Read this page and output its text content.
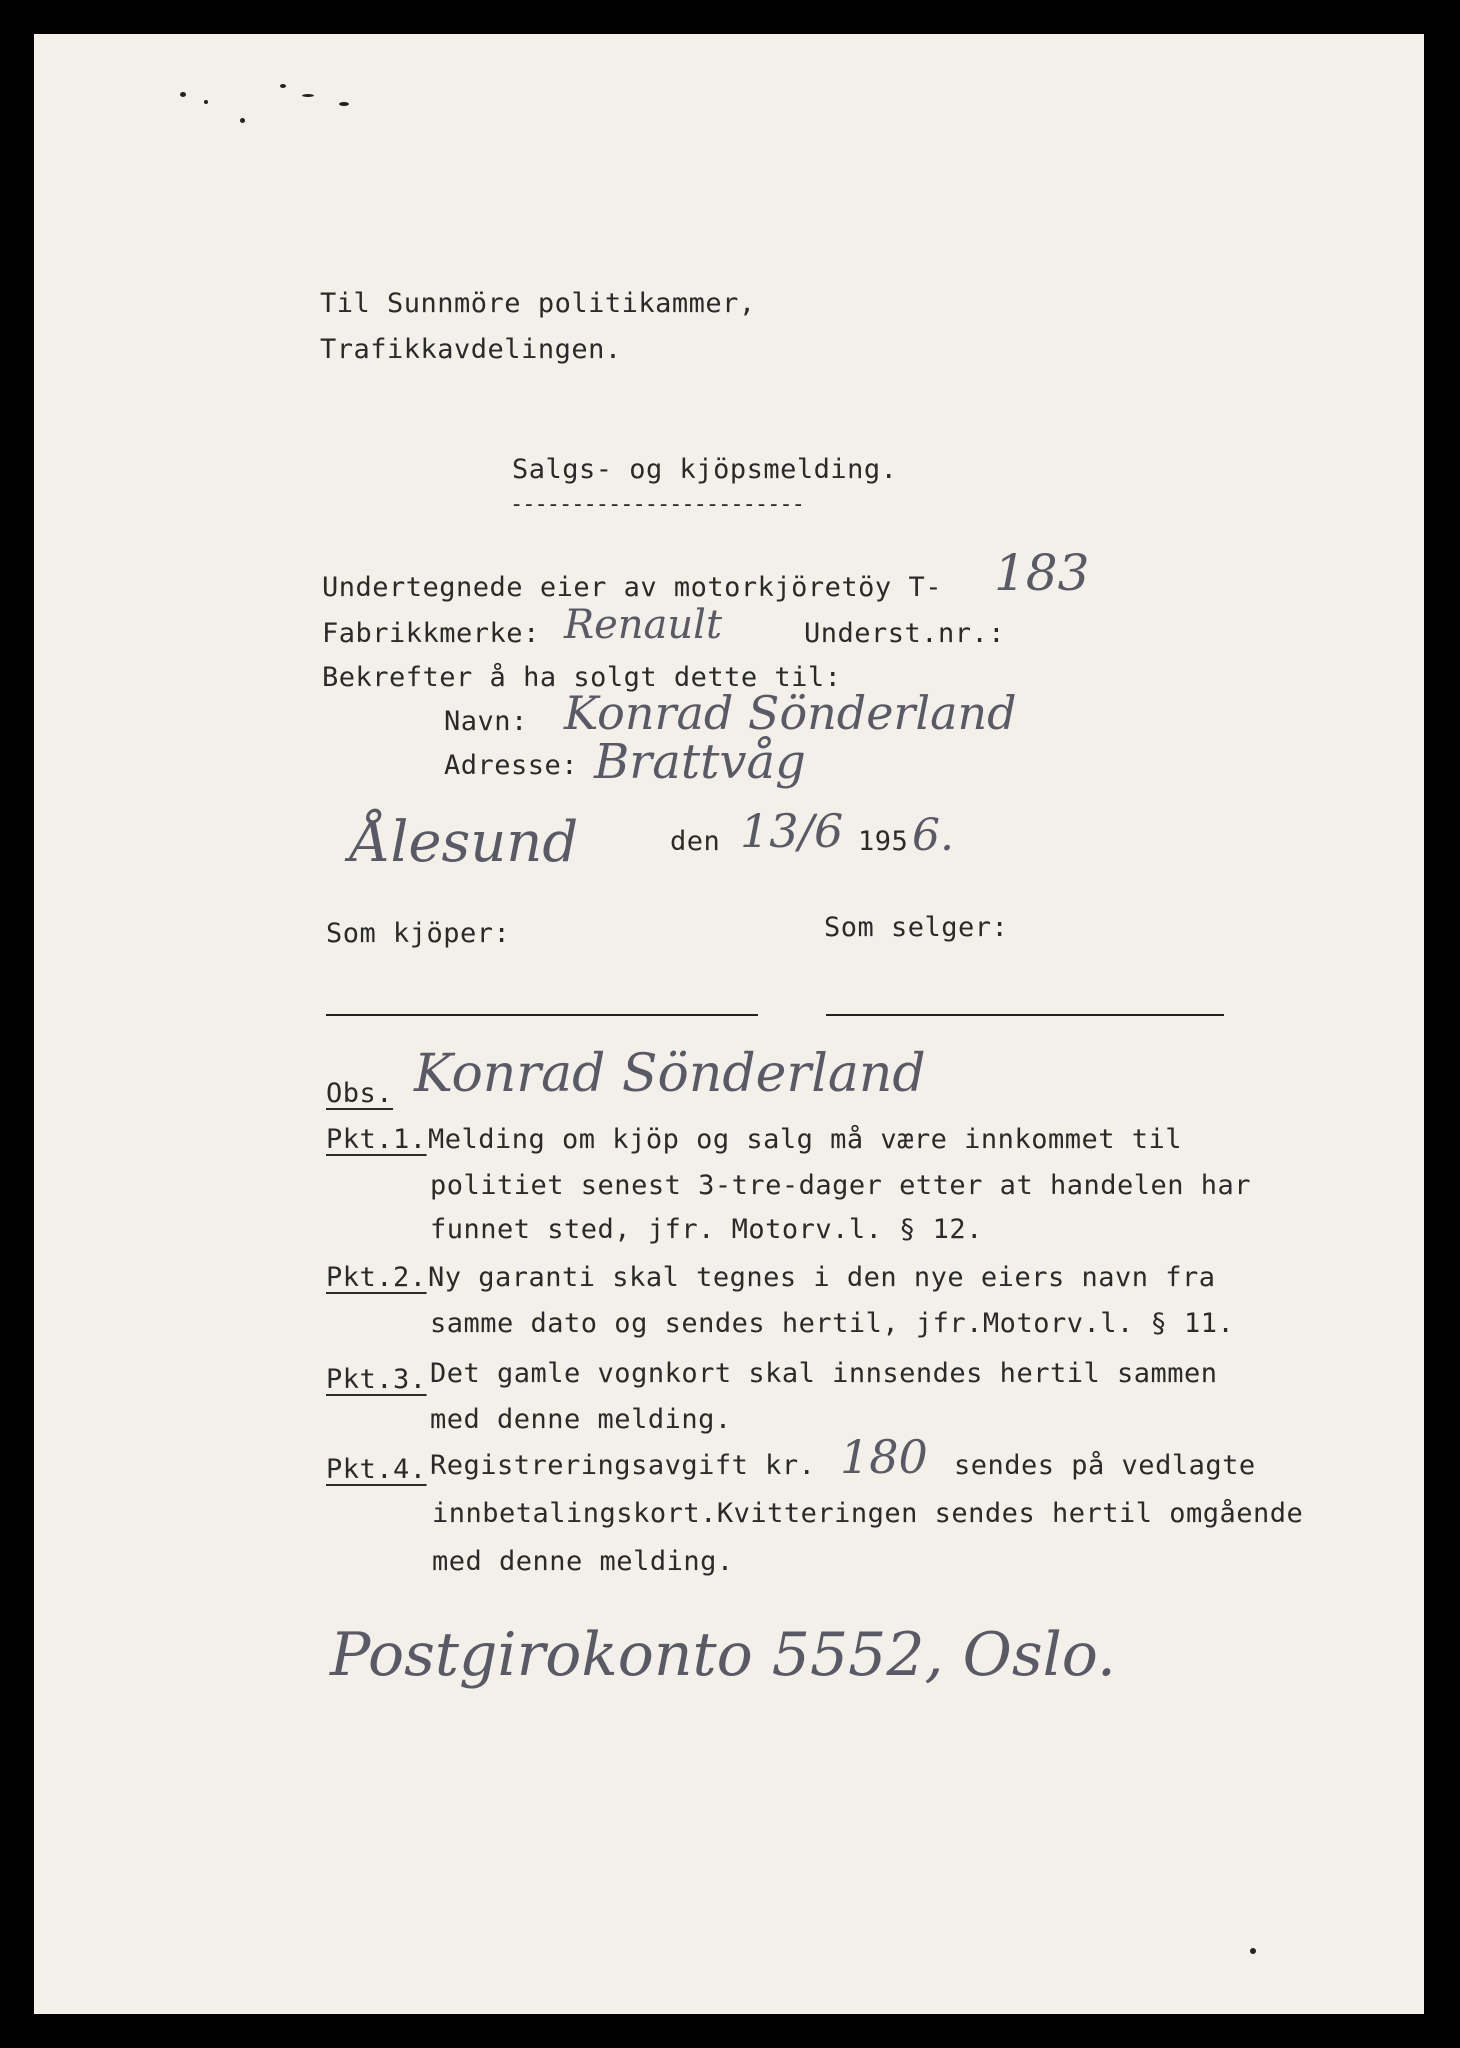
Til Sunnmöre politikammer,
Trafikkavdelingen.
Salgs- og kjöpsmelding.
------------------------
Undertegnede eier av motorkjöretöy T- 183
Fabrikkmerke: Renault	Underst.nr.:
Bekrefter å ha solgt dette til:
Navn: Konrad Sönderland
Adresse: Brattvåg
Ålesund	den 13/6 195 6.
Som kjöper:	Som selger:
Obs. Konrad Sönderland
Pkt.1. Melding om kjöp og salg må være innkommet til
politiet senest 3-tre-dager etter at handelen har
funnet sted, jfr. Motorv.l. § 12.
Pkt.2. Ny garanti skal tegnes i den nye eiers navn fra
samme dato og sendes hertil, jfr.Motorv.l. § 11.
Pkt.3. Det gamle vognkort skal innsendes hertil sammen
med denne melding.
Pkt.4. Registreringsavgift kr. 180 sendes på vedlagte
innbetalingskort.Kvitteringen sendes hertil omgående
med denne melding.
Postgirokonto 5552, Oslo.
